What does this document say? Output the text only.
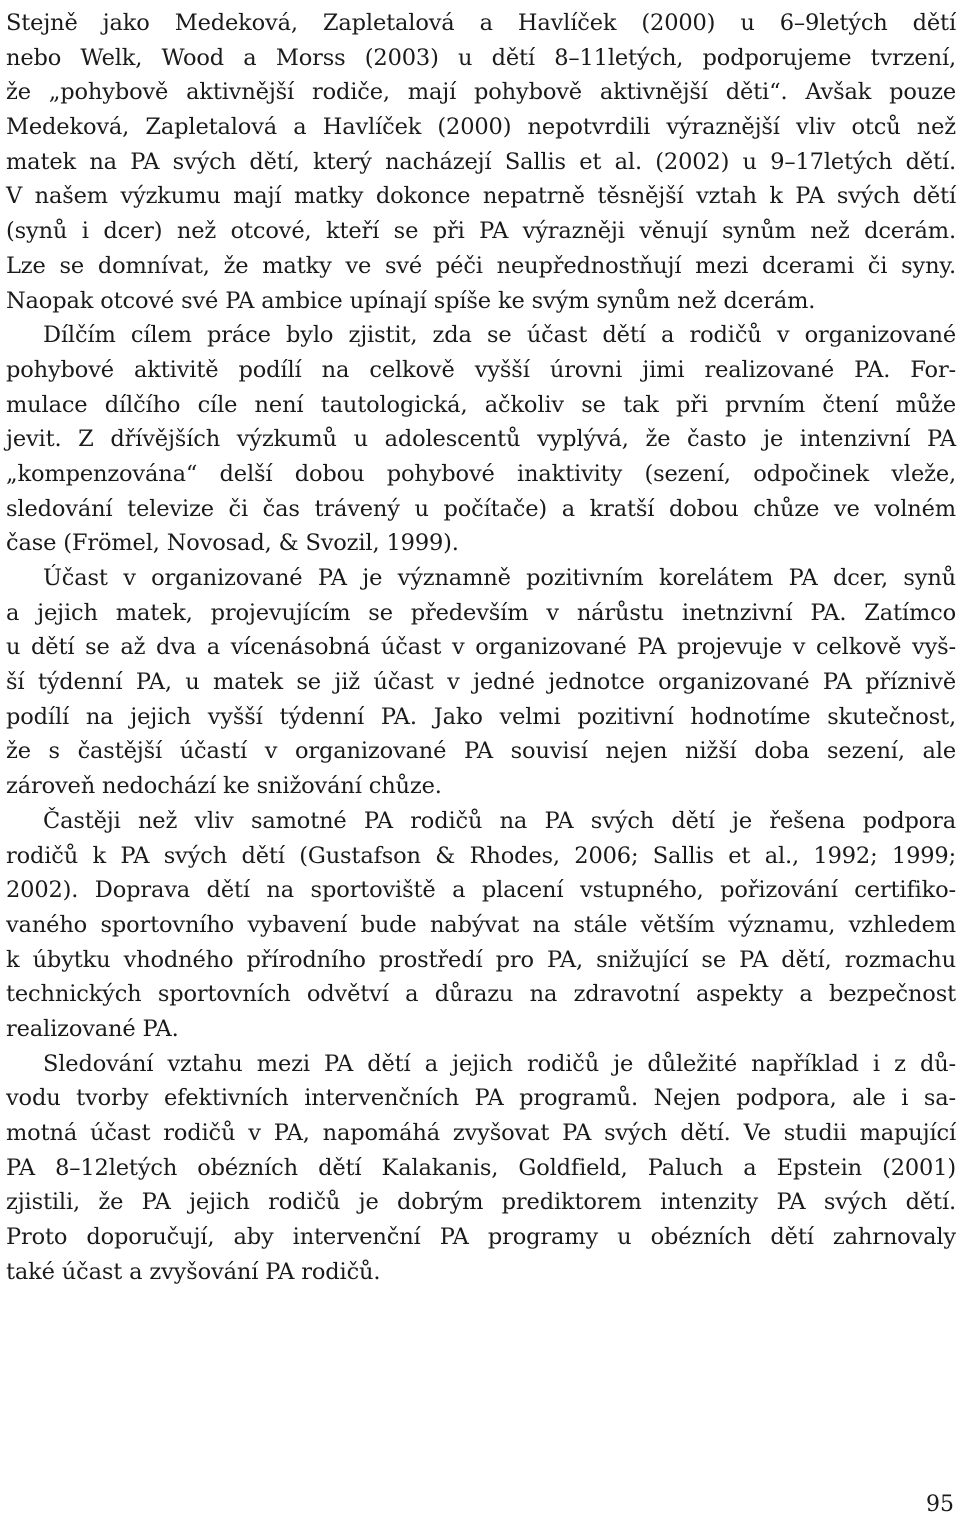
Stejně jako Medeková, Zapletalová a Havlíček (2000) u 6–9letých dětí
nebo Welk, Wood a Morss (2003) u dětí 8–11letých, podporujeme tvrzení,
že „pohybově aktivnější rodiče, mají pohybově aktivnější děti“. Avšak pouze
Medeková, Zapletalová a Havlíček (2000) nepotvrdili výraznější vliv otců než
matek na PA svých dětí, který nacházejí Sallis et al. (2002) u 9–17letých dětí.
V našem výzkumu mají matky dokonce nepatrně těsnější vztah k PA svých dětí
(synů i dcer) než otcové, kteří se při PA výrazněji věnují synům než dcerám.
Lze se domnívat, že matky ve své péči neupřednostňují mezi dcerami či syny.
Naopak otcové své PA ambice upínají spíše ke svým synům než dcerám.
Dílčím cílem práce bylo zjistit, zda se účast dětí a rodičů v organizované
pohybové aktivitě podílí na celkově vyšší úrovni jimi realizované PA. For-
mulace dílčího cíle není tautologická, ačkoliv se tak při prvním čtení může
jevit. Z dřívějších výzkumů u adolescentů vyplývá, že často je intenzivní PA
„kompenzována“ delší dobou pohybové inaktivity (sezení, odpočinek vleže,
sledování televize či čas trávený u počítače) a kratší dobou chůze ve volném
čase (Frömel, Novosad, & Svozil, 1999).
Účast v organizované PA je významně pozitivním korelátem PA dcer, synů
a jejich matek, projevujícím se především v nárůstu inetnzivní PA. Zatímco
u dětí se až dva a vícenásobná účast v organizované PA projevuje v celkově vyš-
ší týdenní PA, u matek se již účast v jedné jednotce organizované PA příznivě
podílí na jejich vyšší týdenní PA. Jako velmi pozitivní hodnotíme skutečnost,
že s častější účastí v organizované PA souvisí nejen nižší doba sezení, ale
zároveň nedochází ke snižování chůze.
Častěji než vliv samotné PA rodičů na PA svých dětí je řešena podpora
rodičů k PA svých dětí (Gustafson & Rhodes, 2006; Sallis et al., 1992; 1999;
2002). Doprava dětí na sportoviště a placení vstupného, pořizování certifiko-
vaného sportovního vybavení bude nabývat na stále větším významu, vzhledem
k úbytku vhodného přírodního prostředí pro PA, snižující se PA dětí, rozmachu
technických sportovních odvětví a důrazu na zdravotní aspekty a bezpečnost
realizované PA.
Sledování vztahu mezi PA dětí a jejich rodičů je důležité například i z dů-
vodu tvorby efektivních intervenčních PA programů. Nejen podpora, ale i sa-
motná účast rodičů v PA, napomáhá zvyšovat PA svých dětí. Ve studii mapující
PA 8–12letých obézních dětí Kalakanis, Goldfield, Paluch a Epstein (2001)
zjistili, že PA jejich rodičů je dobrým prediktorem intenzity PA svých dětí.
Proto doporučují, aby intervenční PA programy u obézních dětí zahrnovaly
také účast a zvyšování PA rodičů.
95
